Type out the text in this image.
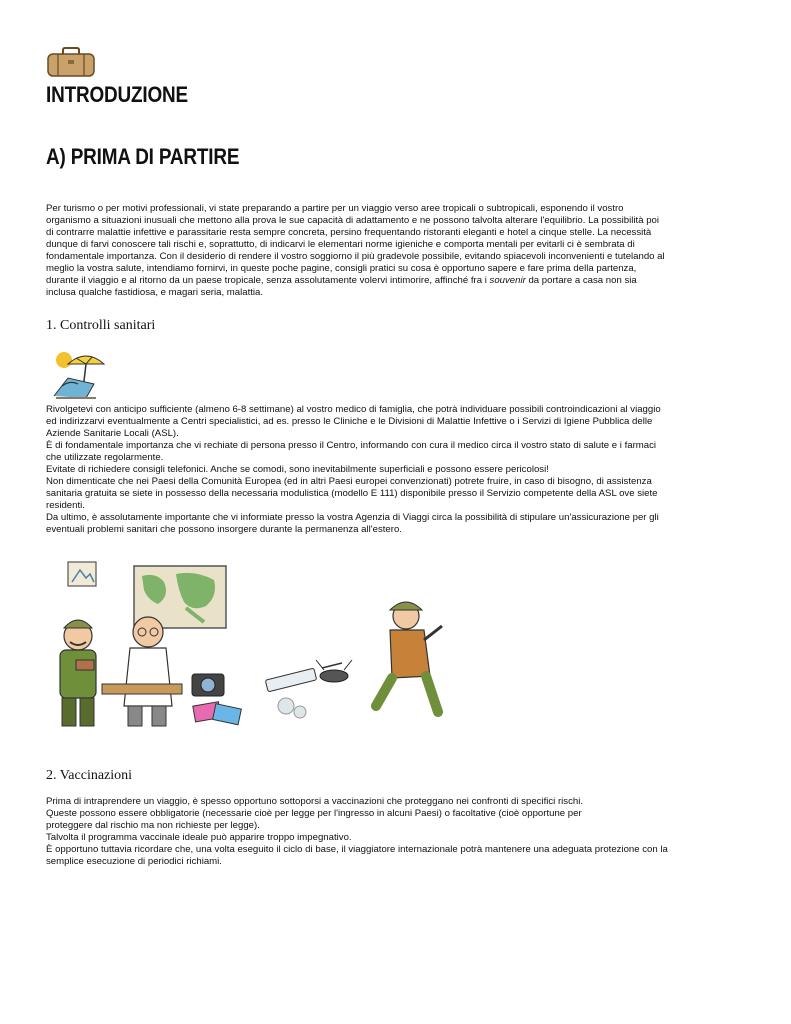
INTRODUZIONE
A) PRIMA DI PARTIRE
Per turismo o per motivi professionali, vi state preparando a partire per un viaggio verso aree tropicali o subtropicali, esponendo il vostro
organismo a situazioni inusuali che mettono alla prova le sue capacità di adattamento e ne possono talvolta alterare l'equilibrio. La possibilità poi
di contrarre malattie infettive e parassitarie resta sempre concreta, persino frequentando ristoranti eleganti e hotel a cinque stelle. La necessità
dunque di farvi conoscere tali rischi e, soprattutto, di indicarvi le elementari norme igieniche e comporta mentali per evitarli ci è sembrata di
fondamentale importanza. Con il desiderio di rendere il vostro soggiorno il più gradevole possibile, evitando spiacevoli inconvenienti e tutelando al
meglio la vostra salute, intendiamo fornirvi, in queste poche pagine, consigli pratici su cosa è opportuno sapere e fare prima della partenza,
durante il viaggio e al ritorno da un paese tropicale, senza assolutamente volervi intimorire, affinché fra i souvenir da portare a casa non sia
inclusa qualche fastidiosa, e magari seria, malattia.
1. Controlli sanitari
Rivolgetevi con anticipo sufficiente (almeno 6-8 settimane) al vostro medico di famiglia, che potrà individuare possibili controindicazioni al viaggio
ed indirizzarvi eventualmente a Centri specialistici, ad es. presso le Cliniche e le Divisioni di Malattie Infettive o i Servizi di Igiene Pubblica delle
Aziende Sanitarie Locali (ASL).
È di fondamentale importanza che vi rechiate di persona presso il Centro, informando con cura il medico circa il vostro stato di salute e i farmaci
che utilizzate regolarmente.
Evitate di richiedere consigli telefonici. Anche se comodi, sono inevitabilmente superficiali e possono essere pericolosi!
Non dimenticate che nei Paesi della Comunità Europea (ed in altri Paesi europei convenzionati) potrete fruire, in caso di bisogno, di assistenza
sanitaria gratuita se siete in possesso della necessaria modulistica (modello E 111) disponibile presso il Servizio competente della ASL ove siete
residenti.
Da ultimo, è assolutamente importante che vi informiate presso la vostra Agenzia di Viaggi circa la possibilità di stipulare un'assicurazione per gli
eventuali problemi sanitari che possono insorgere durante la permanenza all'estero.
2. Vaccinazioni
Prima di intraprendere un viaggio, è spesso opportuno sottoporsi a vaccinazioni che proteggano nei confronti di specifici rischi.
Queste possono essere obbligatorie (necessarie cioè per legge per l'ingresso in alcuni Paesi) o facoltative (cioè opportune per
proteggere dal rischio ma non richieste per legge).
Talvolta il programma vaccinale ideale può apparire troppo impegnativo.
È opportuno tuttavia ricordare che, una volta eseguito il ciclo di base, il viaggiatore internazionale potrà mantenere una adeguata protezione con la
semplice esecuzione di periodici richiami.
